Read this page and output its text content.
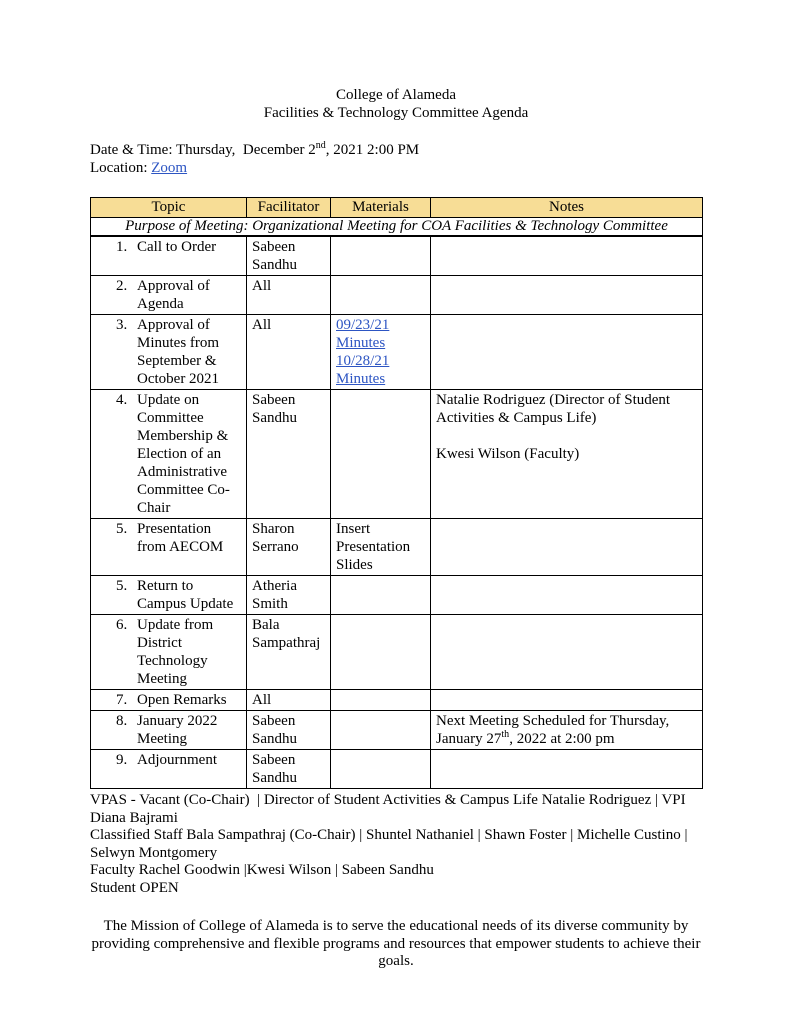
College of Alameda
Facilities & Technology Committee Agenda
Date & Time: Thursday,  December 2nd, 2021 2:00 PM
Location: Zoom
Topic	Facilitator	Materials	Notes
Purpose of Meeting: Organizational Meeting for COA Facilities & Technology Committee			

1. Call to Order	Sabeen Sandhu		

2. Approval of Agenda	All		

3. Approval of Minutes from September & October 2021	All	09/23/21 Minutes 10/28/21 Minutes	

4. Update on Committee Membership & Election of an Administrative Committee Co-Chair	Sabeen Sandhu		
Natalie Rodriguez (Director of Student Activities & Campus Life)
Kwesi Wilson (Faculty)

5. Presentation from AECOM	Sharon Serrano	Insert Presentation Slides	

5. Return to Campus Update	Atheria Smith		

6. Update from District Technology Meeting	Bala Sampathraj		

7. Open Remarks	All		

8. January 2022 Meeting	Sabeen Sandhu		Next Meeting Scheduled for Thursday, January 27th, 2022 at 2:00 pm

9. Adjournment	Sabeen Sandhu		

VPAS - Vacant (Co-Chair)  | Director of Student Activities & Campus Life Natalie Rodriguez | VPI Diana Bajrami

Classified Staff Bala Sampathraj (Co-Chair) | Shuntel Nathaniel | Shawn Foster | Michelle Custino | Selwyn Montgomery

Faculty Rachel Goodwin |Kwesi Wilson | Sabeen Sandhu

Student OPEN

The Mission of College of Alameda is to serve the educational needs of its diverse community by providing comprehensive and flexible programs and resources that empower students to achieve their goals.
